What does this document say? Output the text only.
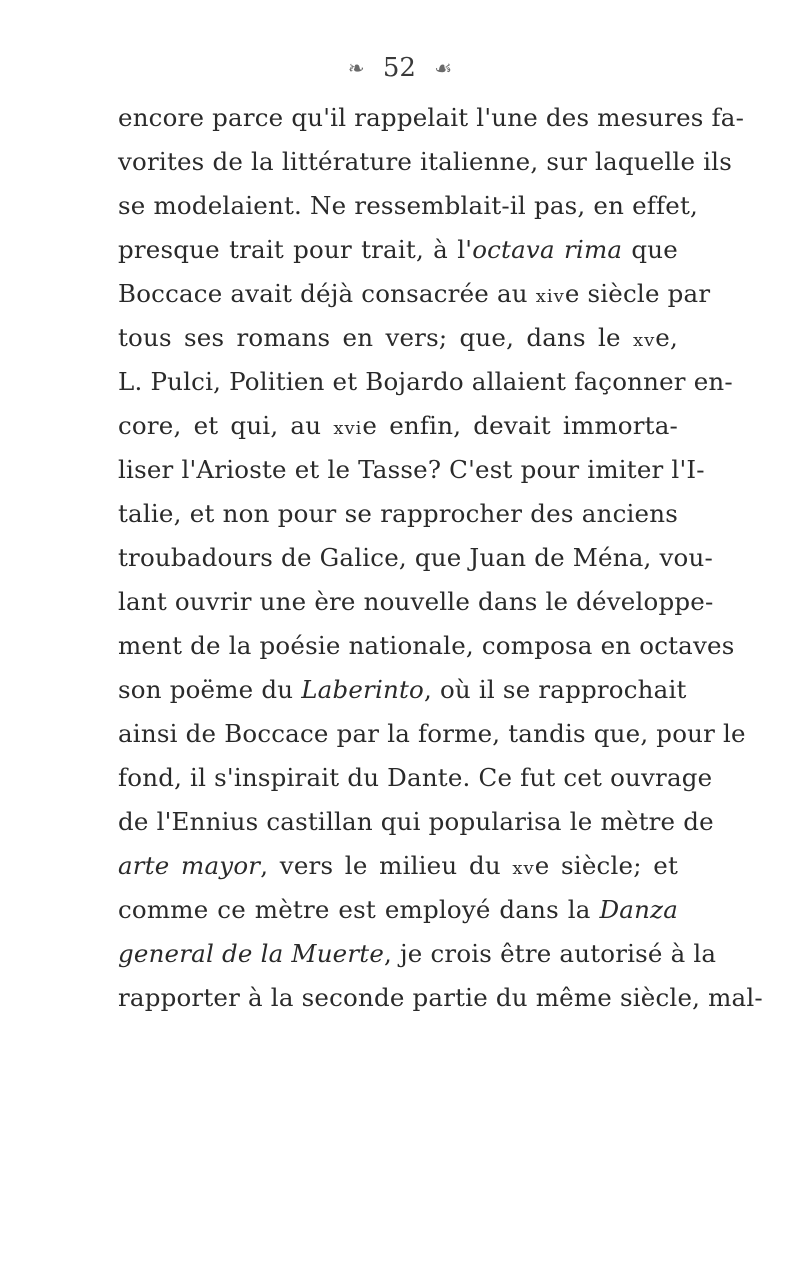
❧ 52 ☙
encore parce qu'il rappelait l'une des mesures fa-
vorites de la littérature italienne, sur laquelle ils
se modelaient. Ne ressemblait-il pas, en effet,
presque trait pour trait, à l'octava rima que
Boccace avait déjà consacrée au xive siècle par
tous ses romans en vers; que, dans le xve,
L. Pulci, Politien et Bojardo allaient façonner en-
core, et qui, au xvie enfin, devait immorta-
liser l'Arioste et le Tasse? C'est pour imiter l'I-
talie, et non pour se rapprocher des anciens
troubadours de Galice, que Juan de Ména, vou-
lant ouvrir une ère nouvelle dans le développe-
ment de la poésie nationale, composa en octaves
son poëme du Laberinto, où il se rapprochait
ainsi de Boccace par la forme, tandis que, pour le
fond, il s'inspirait du Dante. Ce fut cet ouvrage
de l'Ennius castillan qui popularisa le mètre de
arte mayor, vers le milieu du xve siècle; et
comme ce mètre est employé dans la Danza
general de la Muerte, je crois être autorisé à la
rapporter à la seconde partie du même siècle, mal-
